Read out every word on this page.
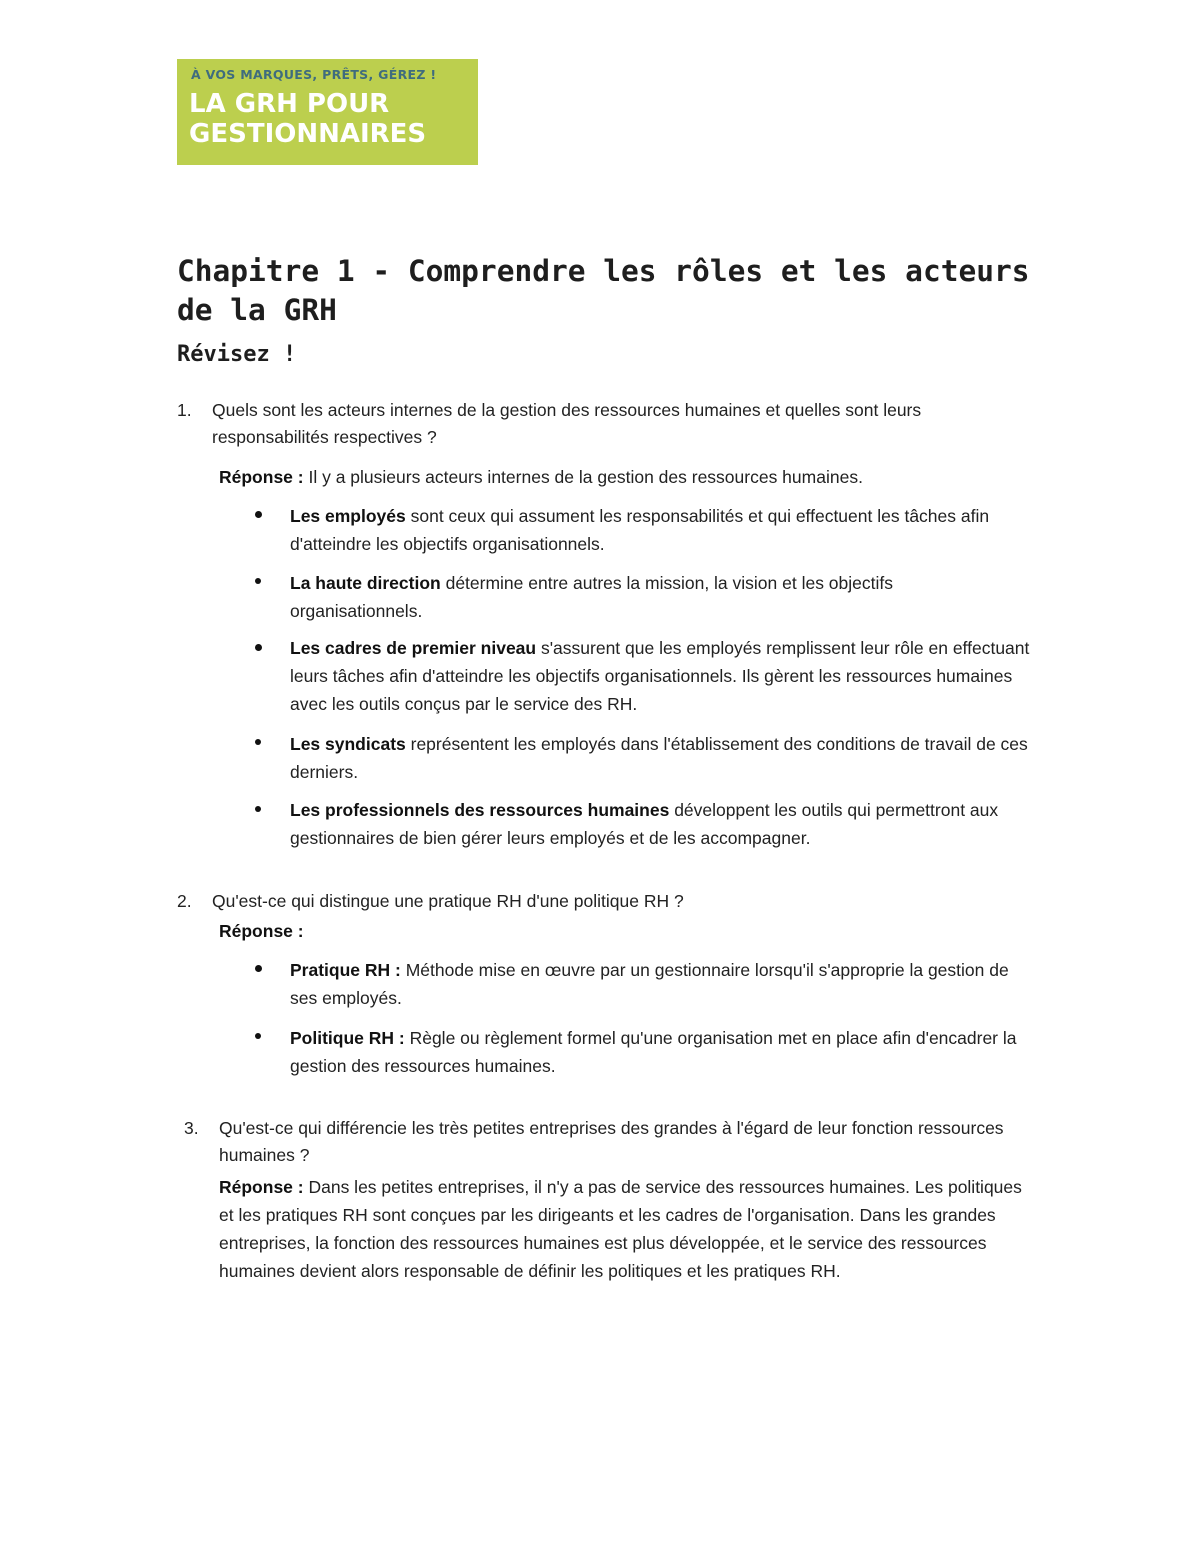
À VOS MARQUES, PRÊTS, GÉREZ !
LA GRH POUR
GESTIONNAIRES
Chapitre 1 - Comprendre les rôles et les acteurs de la GRH
Révisez !
1. Quels sont les acteurs internes de la gestion des ressources humaines et quelles sont leurs responsabilités respectives ?
Réponse : Il y a plusieurs acteurs internes de la gestion des ressources humaines.
Les employés sont ceux qui assument les responsabilités et qui effectuent les tâches afin d'atteindre les objectifs organisationnels.
La haute direction détermine entre autres la mission, la vision et les objectifs organisationnels.
Les cadres de premier niveau s'assurent que les employés remplissent leur rôle en effectuant leurs tâches afin d'atteindre les objectifs organisationnels. Ils gèrent les ressources humaines avec les outils conçus par le service des RH.
Les syndicats représentent les employés dans l'établissement des conditions de travail de ces derniers.
Les professionnels des ressources humaines développent les outils qui permettront aux gestionnaires de bien gérer leurs employés et de les accompagner.
2. Qu'est-ce qui distingue une pratique RH d'une politique RH ?
Réponse :
Pratique RH : Méthode mise en œuvre par un gestionnaire lorsqu'il s'approprie la gestion de ses employés.
Politique RH : Règle ou règlement formel qu'une organisation met en place afin d'encadrer la gestion des ressources humaines.
3. Qu'est-ce qui différencie les très petites entreprises des grandes à l'égard de leur fonction ressources humaines ?
Réponse : Dans les petites entreprises, il n'y a pas de service des ressources humaines. Les politiques et les pratiques RH sont conçues par les dirigeants et les cadres de l'organisation. Dans les grandes entreprises, la fonction des ressources humaines est plus développée, et le service des ressources humaines devient alors responsable de définir les politiques et les pratiques RH.
